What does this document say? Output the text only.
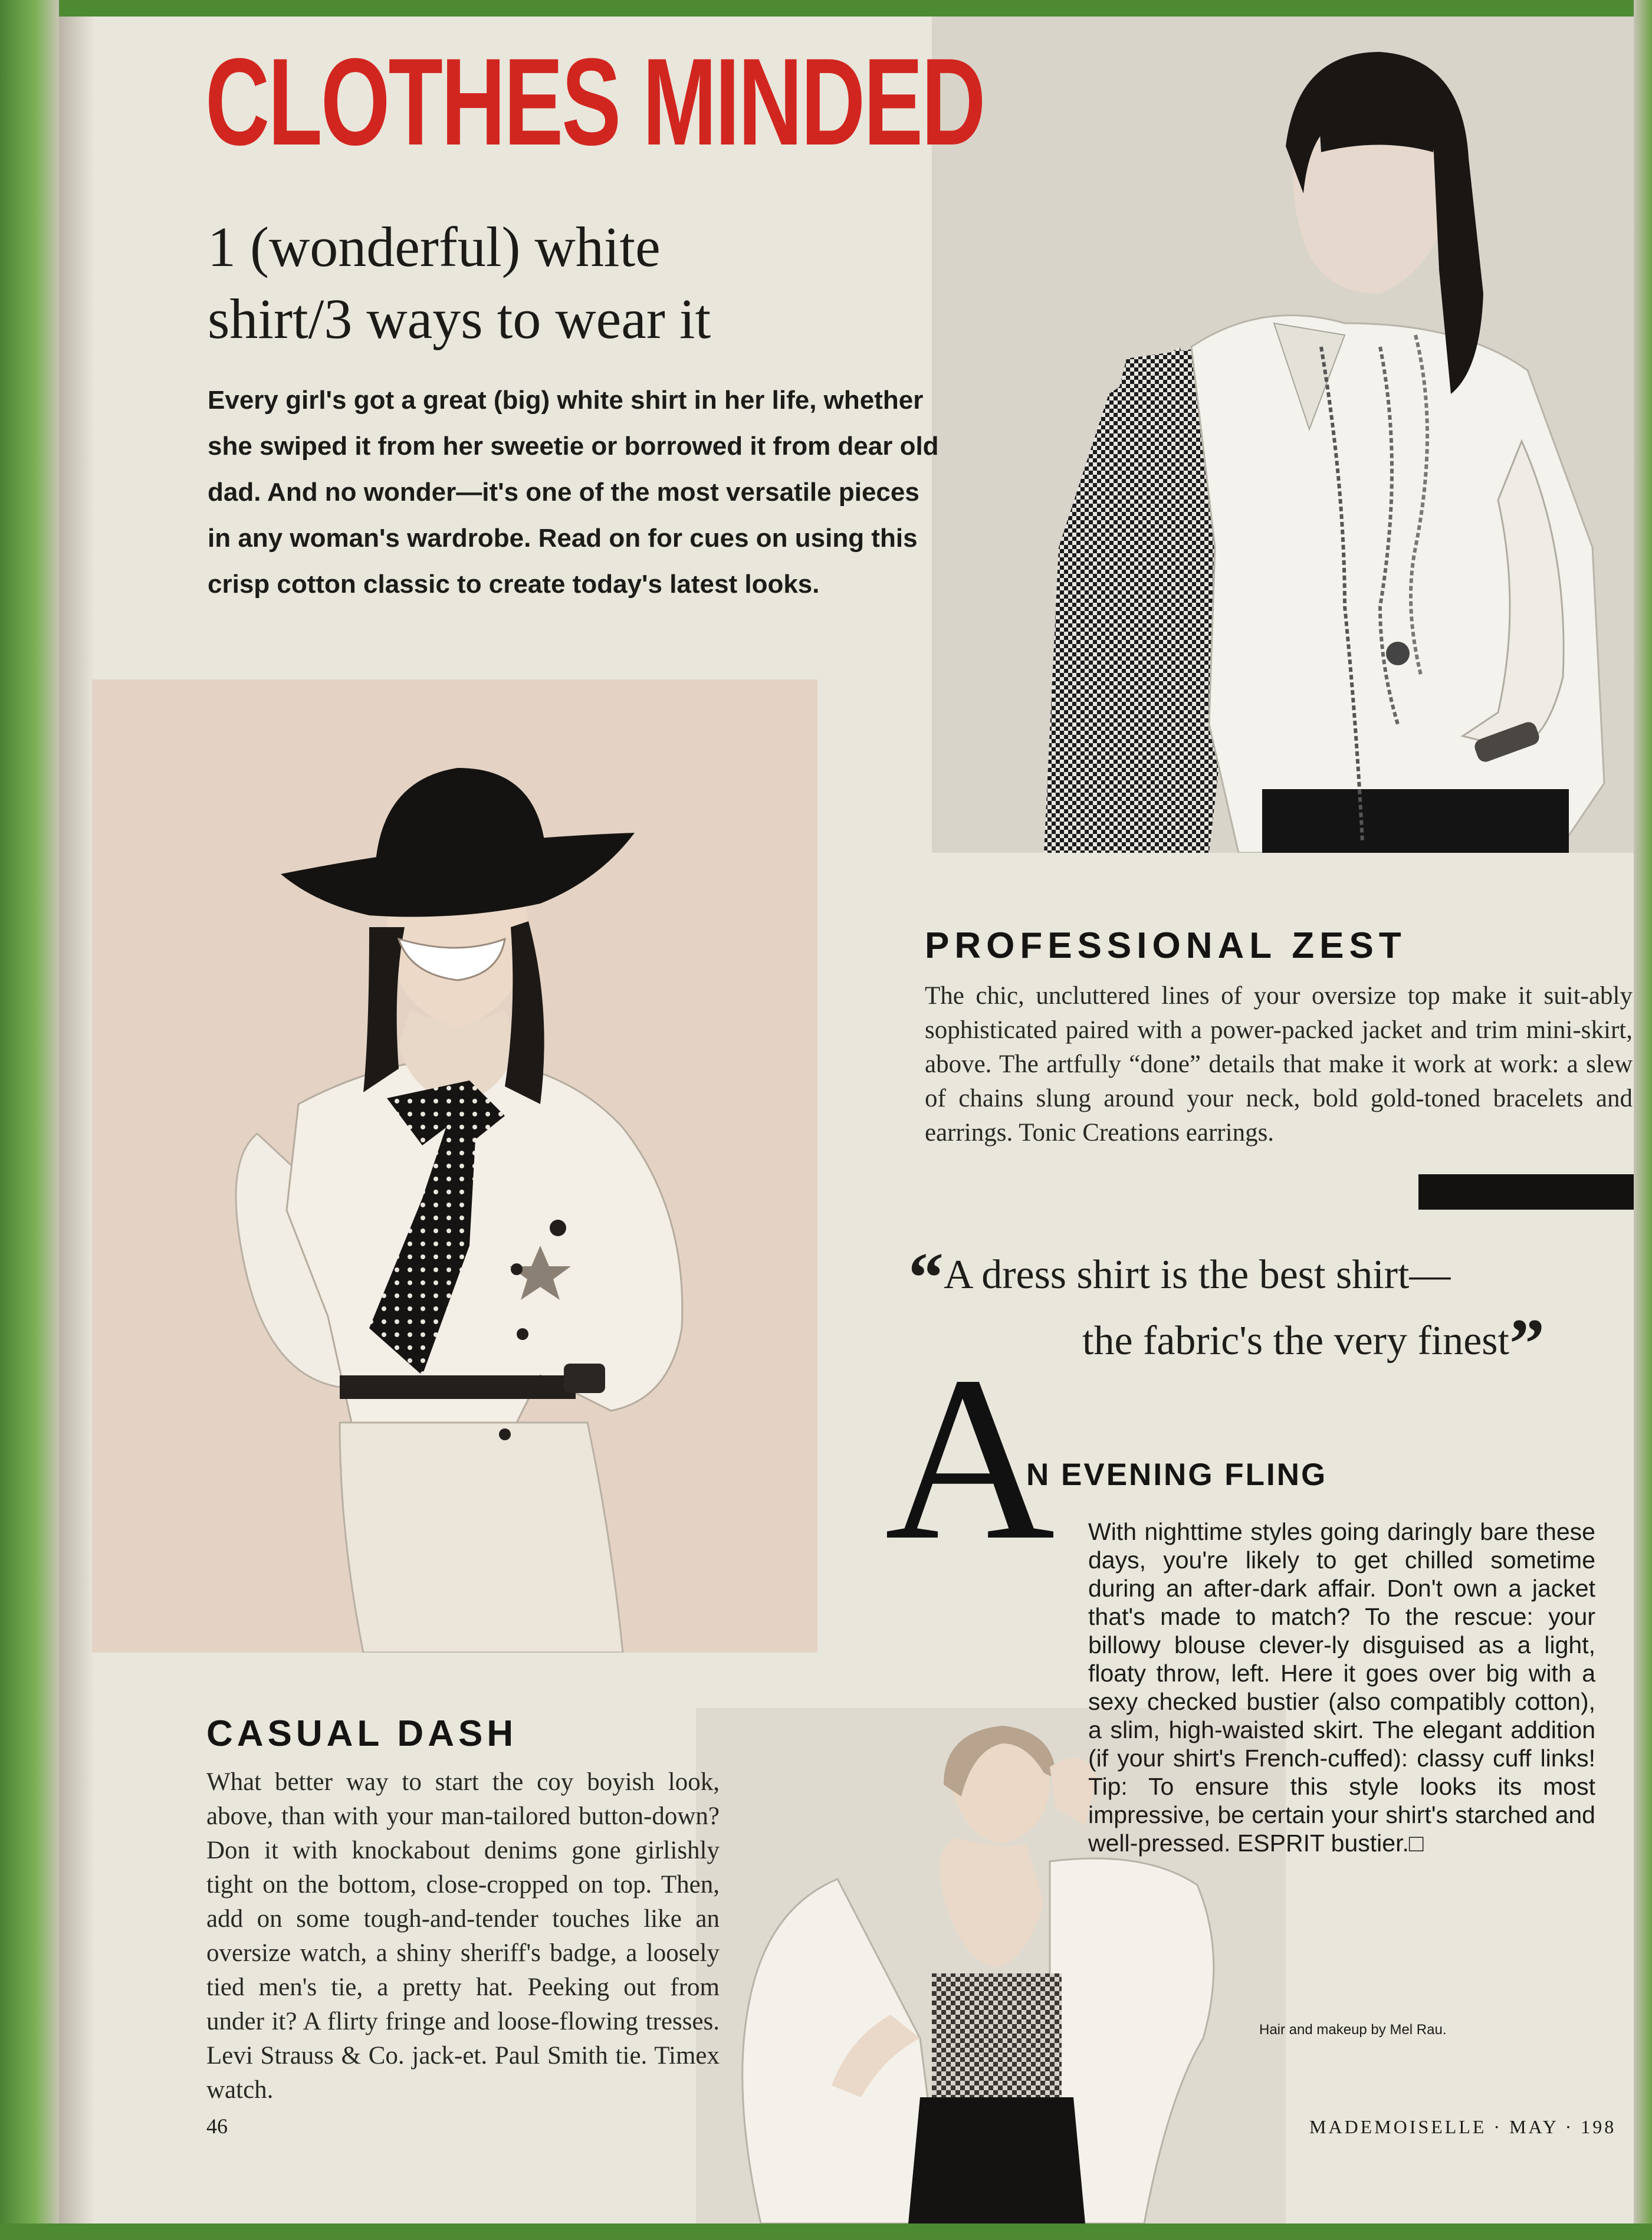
CLOTHES MINDED
1 (wonderful) white
shirt/3 ways to wear it
Every girl's got a great (big) white shirt in her life, whether she swiped it from her sweetie or borrowed it from dear old dad. And no wonder—it's one of the most versatile pieces in any woman's wardrobe. Read on for cues on using this crisp cotton classic to create today's latest looks.
PROFESSIONAL ZEST
The chic, uncluttered lines of your oversize top make it suit-ably sophisticated paired with a power-packed jacket and trim mini-skirt, above. The artfully “done” details that make it work at work: a slew of chains slung around your neck, bold gold-toned bracelets and earrings. Tonic Creations earrings.
“A dress shirt is the best shirt—
the fabric's the very finest”
A
N EVENING FLING
With nighttime styles going daringly bare these days, you're likely to get chilled sometime during an after-dark affair. Don't own a jacket that's made to match? To the rescue: your billowy blouse clever-ly disguised as a light, floaty throw, left. Here it goes over big with a sexy checked bustier (also compatibly cotton), a slim, high-waisted skirt. The elegant addition (if your shirt's French-cuffed): classy cuff links! Tip: To ensure this style looks its most impressive, be certain your shirt's starched and well-pressed. ESPRIT bustier.□
Hair and makeup by Mel Rau.
CASUAL DASH
What better way to start the coy boyish look, above, than with your man-tailored button-down? Don it with knockabout denims gone girlishly tight on the bottom, close-cropped on top. Then, add on some tough-and-tender touches like an oversize watch, a shiny sheriff's badge, a loosely tied men's tie, a pretty hat. Peeking out from under it? A flirty fringe and loose-flowing tresses. Levi Strauss & Co. jack-et. Paul Smith tie. Timex watch.
46	MADEMOISELLE · MAY · 198
